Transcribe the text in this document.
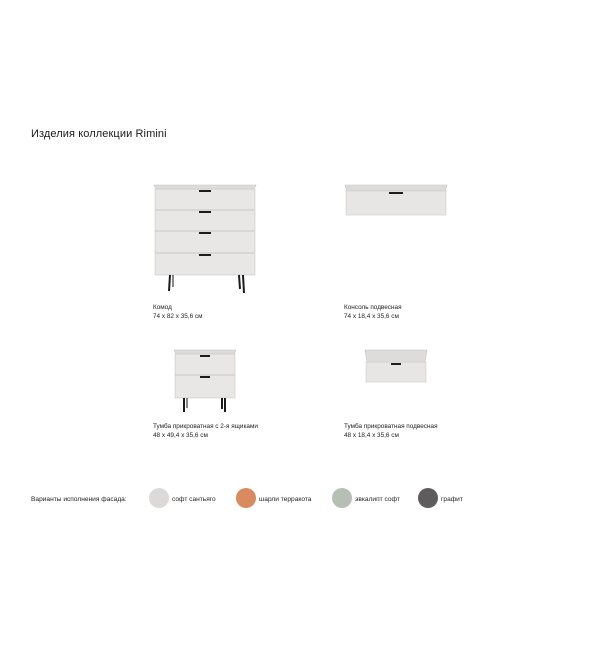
Изделия коллекции Rimini
Комод
74 x 82 x 35,6 см
Консоль подвесная
74 x 18,4 x 35,6 см
Тумба прикроватная с 2-я ящиками
48 x 49,4 x 35,6 см
Тумба прикроватная подвесная
48 x 18,4 x 35,6 см
Варианты исполнения фасада:	софт сантьяго	шарли терракота	эвкалипт софт	графит
